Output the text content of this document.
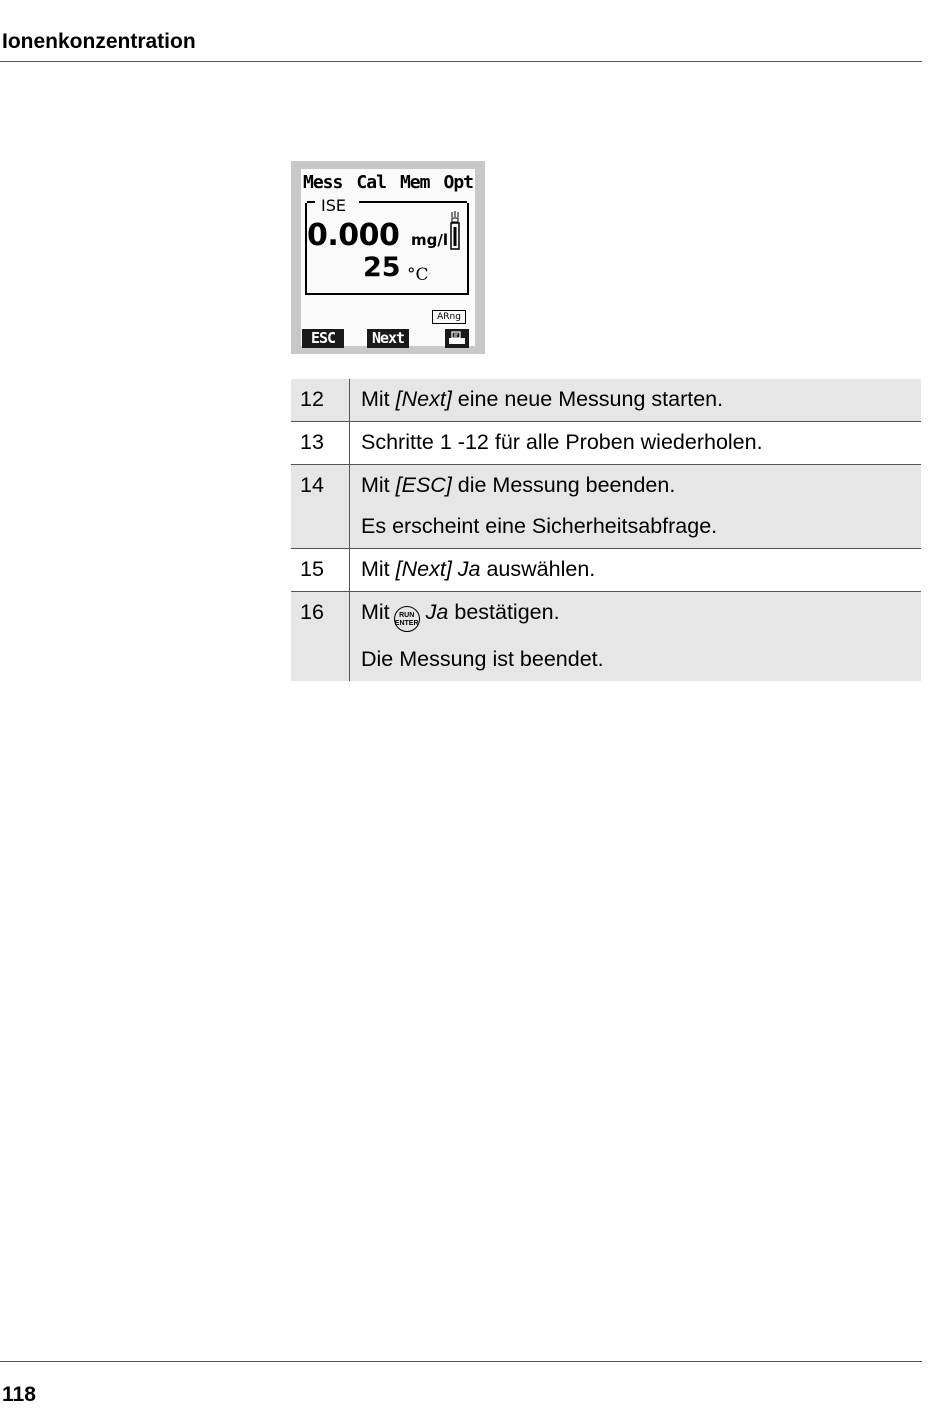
Ionenkonzentration
Mess Cal Mem Opt
ISE
0.000 mg/l
25 °C
ARng
ESC	Next
12	Mit [Next] eine neue Messung starten.

13	Schritte 1 -12 für alle Proben wiederholen.

14	Mit [ESC] die Messung beenden.

Es erscheint eine Sicherheitsabfrage.

15	Mit [Next] Ja auswählen.

16	Mit RUN
ENTER Ja bestätigen.

Die Messung ist beendet.

118
